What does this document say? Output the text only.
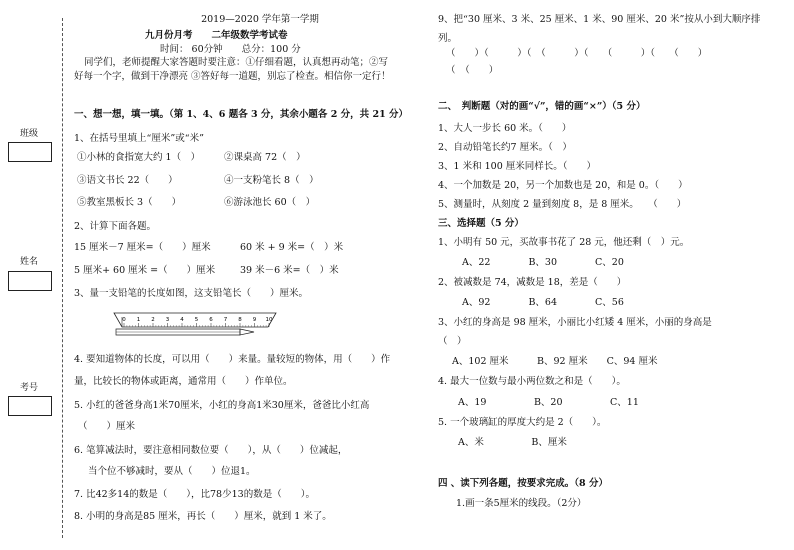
班级
姓名
考号
2019—2020 学年第一学期
九月份月考　　二年级数学考试卷
时间： 60分钟　　总分：100 分
同学们，老师提醒大家答题时要注意：①仔细看题，认真想再动笔；②写
好每一个字，做到干净漂亮 ③答好每一道题，别忘了检查。相信你一定行！
一、想一想，填一填。（第 1、4、6 题各 3 分，其余小题各 2 分，共 21 分）
1、在括号里填上“厘米”或“米”
①小林的食指宽大约 1（　）	②课桌高 72（　）
③语文书长 22（　　）	④一支粉笔长 8（　）
⑤教室黑板长 3（　　）	⑥游泳池长 60（　）
2、计算下面各题。
15 厘米－7 厘米=（　　）厘米	60 米 + 9 米=（　）米
5 厘米+ 60 厘米 =（　　）厘米	39 米－6 米=（　）米
3、量一支铅笔的长度如图，这支铅笔长（　　）厘米。
0 1 2 3 4 5 6 7 8 9 10
4. 要知道物体的长度，可以用（　　）来量。量较短的物体，用（　　）作
量，比较长的物体或距离，通常用（　　）作单位。
5. 小红的爸爸身高1米70厘米，小红的身高1米30厘米，爸爸比小红高
（　　）厘米
6. 笔算减法时，要注意相同数位要（　　），从（　　）位减起，
当个位不够减时，要从（　　）位退1。
7. 比42多14的数是（　　），比78少13的数是（　　）。
8. 小明的身高是85 厘米，再长（　　）厘米，就到 1 米了。
9、把“30 厘米、3 米、25 厘米、1 米、90 厘米、20 米”按从小到大顺序排
列。
（　　）（　　　）（　（　　　）（　　（　　　）（　　（　　）
（　（　　）
二、　判断题（对的画“√”，错的画“×”）（5 分）
1、大人一步长 60 米。（　　）
2、自动铅笔长约7 厘米。（　）
3、1 米和 100 厘米同样长。（　　）
4、一个加数是 20，另一个加数也是 20，和是 0。（　　）
5、测量时，从刻度 2 量到刻度 8，是 8 厘米。　　（　　）
三、选择题（5 分）
1、小明有 50 元，买故事书花了 28 元，他还剩（　）元。
A、22　　　　B、30　　　　C、20
2、被减数是 74，减数是 18，差是（　　）
A、92　　　　B、64　　　　C、56
3、小红的身高是 98 厘米，小丽比小红矮 4 厘米，小丽的身高是
（　）
A、102 厘米　　　B、92 厘米　　C、94 厘米
4. 最大一位数与最小两位数之和是（　　）。
A、19　　　　　B、20　　　　　C、11
5. 一个玻璃缸的厚度大约是 2（　　）。
A、米　　　　　B、厘米
四 、读下列各题，按要求完成。（8 分）
1.画一条5厘米的线段。（2分）
